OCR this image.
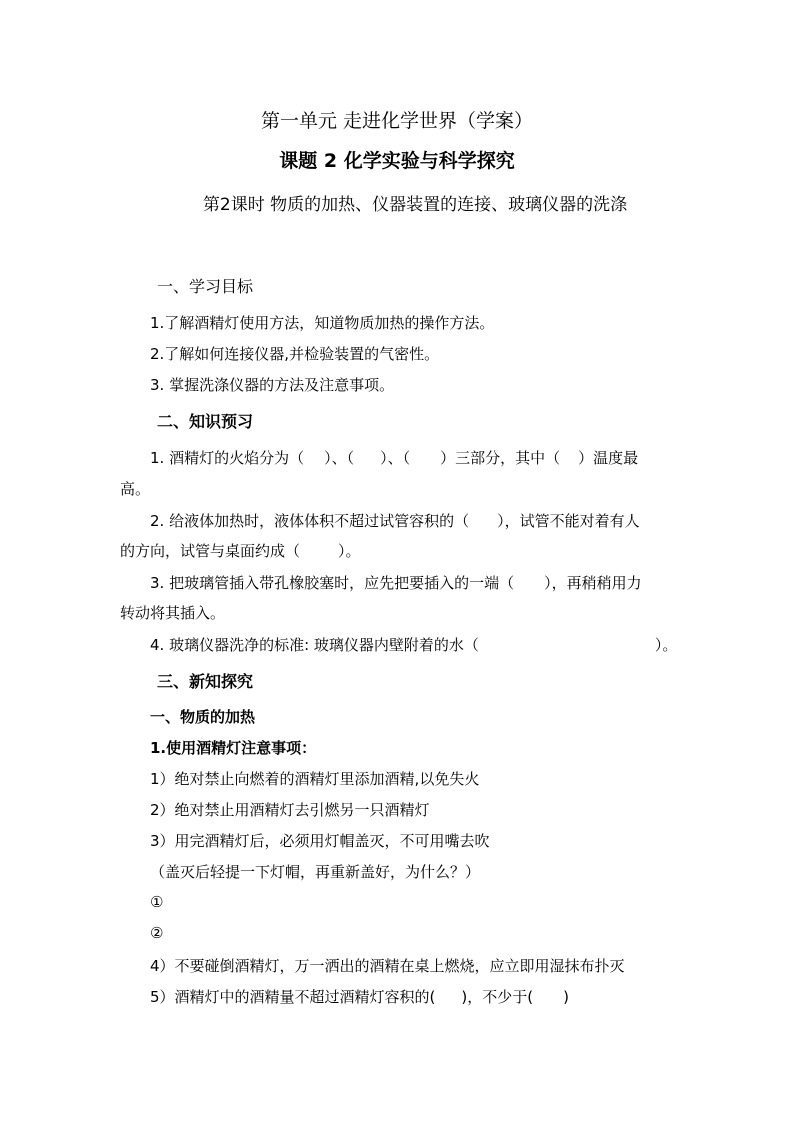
第一单元 走进化学世界（学案）
课题 2 化学实验与科学探究
第2课时 物质的加热、仪器装置的连接、玻璃仪器的洗涤
一、学习目标
1.了解酒精灯使用方法，知道物质加热的操作方法。
2.了解如何连接仪器,并检验装置的气密性。
3. 掌握洗涤仪器的方法及注意事项。
二、知识预习
1. 酒精灯的火焰分为（ ）、（ ）、（ ）三部分，其中（ ）温度最
高。
2. 给液体加热时，液体体积不超过试管容积的（ ），试管不能对着有人
的方向，试管与桌面约成（	）。
3. 把玻璃管插入带孔橡胶塞时，应先把要插入的一端（ ），再稍稍用力
转动将其插入。
4. 玻璃仪器洗净的标准: 玻璃仪器内壁附着的水（	）。
三、新知探究
一、物质的加热
1.使用酒精灯注意事项：
1）绝对禁止向燃着的酒精灯里添加酒精,以免失火
2）绝对禁止用酒精灯去引燃另一只酒精灯
3）用完酒精灯后，必须用灯帽盖灭，不可用嘴去吹
（盖灭后轻提一下灯帽，再重新盖好，为什么？）
①
②
4）不要碰倒酒精灯，万一洒出的酒精在桌上燃烧，应立即用湿抹布扑灭
5）酒精灯中的酒精量不超过酒精灯容积的( )，不少于( )
